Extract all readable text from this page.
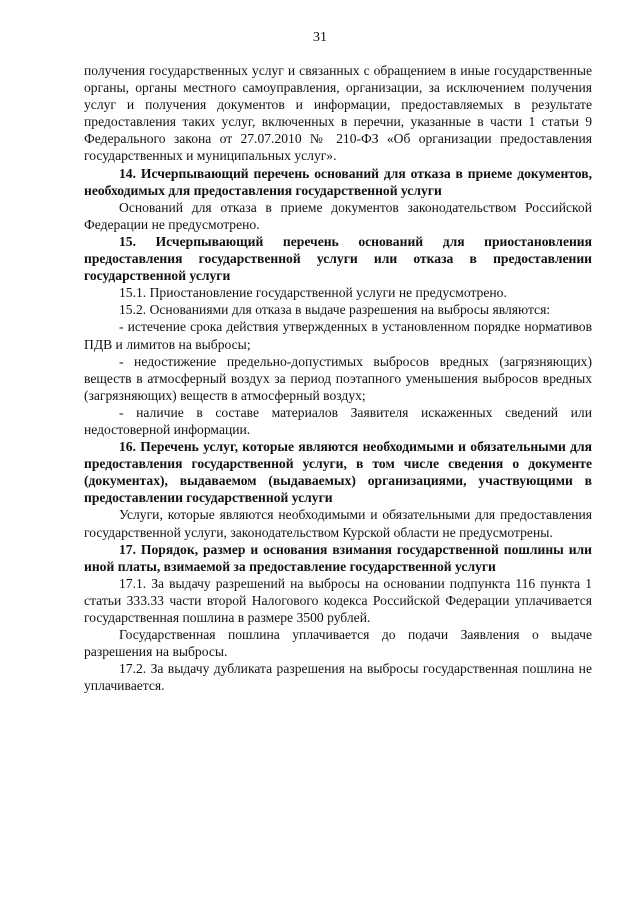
31

получения государственных услуг и связанных с обращением в иные государственные органы, органы местного самоуправления, организации, за исключением получения услуг и получения документов и информации, предоставляемых в результате предоставления таких услуг, включенных в перечни, указанные в части 1 статьи 9 Федерального закона от 27.07.2010 № 210-ФЗ «Об организации предоставления государственных и муниципальных услуг».

14. Исчерпывающий перечень оснований для отказа в приеме документов, необходимых для предоставления государственной услуги

Оснований для отказа в приеме документов законодательством Российской Федерации не предусмотрено.

15. Исчерпывающий перечень оснований для приостановления предоставления государственной услуги или отказа в предоставлении государственной услуги

15.1. Приостановление государственной услуги не предусмотрено.

15.2. Основаниями для отказа в выдаче разрешения на выбросы являются:

- истечение срока действия утвержденных в установленном порядке нормативов ПДВ и лимитов на выбросы;

- недостижение предельно-допустимых выбросов вредных (загрязняющих) веществ в атмосферный воздух за период поэтапного уменьшения выбросов вредных (загрязняющих) веществ в атмосферный воздух;

- наличие в составе материалов Заявителя искаженных сведений или недостоверной информации.

16. Перечень услуг, которые являются необходимыми и обязательными для предоставления государственной услуги, в том числе сведения о документе (документах), выдаваемом (выдаваемых) организациями, участвующими в предоставлении государственной услуги

Услуги, которые являются необходимыми и обязательными для предоставления государственной услуги, законодательством Курской области не предусмотрены.

17. Порядок, размер и основания взимания государственной пошлины или иной платы, взимаемой за предоставление государственной услуги

17.1. За выдачу разрешений на выбросы на основании подпункта 116 пункта 1 статьи 333.33 части второй Налогового кодекса Российской Федерации уплачивается государственная пошлина в размере 3500 рублей.

Государственная пошлина уплачивается до подачи Заявления о выдаче разрешения на выбросы.

17.2. За выдачу дубликата разрешения на выбросы государственная пошлина не уплачивается.
